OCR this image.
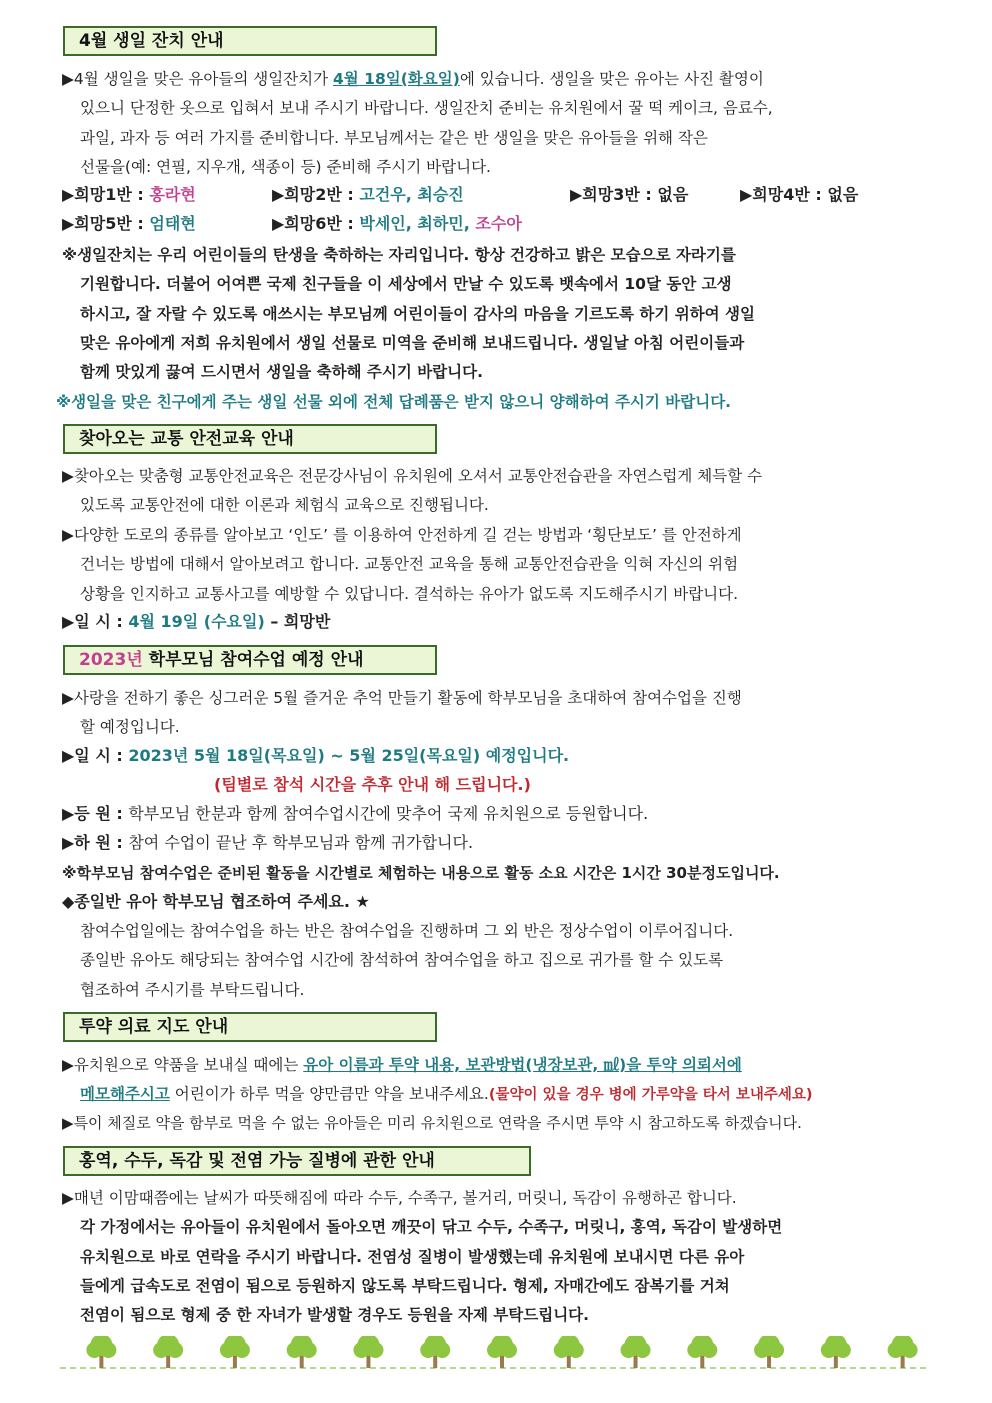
4월 생일 잔치 안내
▶4월 생일을 맞은 유아들의 생일잔치가 4월 18일(화요일)에 있습니다. 생일을 맞은 유아는 사진 촬영이
있으니 단정한 옷으로 입혀서 보내 주시기 바랍니다. 생일잔치 준비는 유치원에서 꿀 떡 케이크, 음료수,
과일, 과자 등 여러 가지를 준비합니다. 부모님께서는 같은 반 생일을 맞은 유아들을 위해 작은
선물을(예: 연필, 지우개, 색종이 등) 준비해 주시기 바랍니다.
▶희망1반 : 홍라현	▶희망2반 : 고건우, 최승진	▶희망3반 : 없음	▶희망4반 : 없음
▶희망5반 : 엄태현	▶희망6반 : 박세인, 최하민, 조수아
※생일잔치는 우리 어린이들의 탄생을 축하하는 자리입니다. 항상 건강하고 밝은 모습으로 자라기를
기원합니다. 더불어 어여쁜 국제 친구들을 이 세상에서 만날 수 있도록 뱃속에서 10달 동안 고생
하시고, 잘 자랄 수 있도록 애쓰시는 부모님께 어린이들이 감사의 마음을 기르도록 하기 위하여 생일
맞은 유아에게 저희 유치원에서 생일 선물로 미역을 준비해 보내드립니다. 생일날 아침 어린이들과
함께 맛있게 끓여 드시면서 생일을 축하해 주시기 바랍니다.
※생일을 맞은 친구에게 주는 생일 선물 외에 전체 답례품은 받지 않으니 양해하여 주시기 바랍니다.
찾아오는 교통 안전교육 안내
▶찾아오는 맞춤형 교통안전교육은 전문강사님이 유치원에 오셔서 교통안전습관을 자연스럽게 체득할 수
있도록 교통안전에 대한 이론과 체험식 교육으로 진행됩니다.
▶다양한 도로의 종류를 알아보고 ‘인도’ 를 이용하여 안전하게 길 걷는 방법과 ‘횡단보도’ 를 안전하게
건너는 방법에 대해서 알아보려고 합니다. 교통안전 교육을 통해 교통안전습관을 익혀 자신의 위험
상황을 인지하고 교통사고를 예방할 수 있답니다. 결석하는 유아가 없도록 지도해주시기 바랍니다.
▶일 시 : 4월 19일 (수요일) – 희망반
2023년 학부모님 참여수업 예정 안내
▶사랑을 전하기 좋은 싱그러운 5월 즐거운 추억 만들기 활동에 학부모님을 초대하여 참여수업을 진행
할 예정입니다.
▶일 시 : 2023년 5월 18일(목요일) ~ 5월 25일(목요일) 예정입니다.
(팀별로 참석 시간을 추후 안내 해 드립니다.)
▶등 원 : 학부모님 한분과 함께 참여수업시간에 맞추어 국제 유치원으로 등원합니다.
▶하 원 : 참여 수업이 끝난 후 학부모님과 함께 귀가합니다.
※학부모님 참여수업은 준비된 활동을 시간별로 체험하는 내용으로 활동 소요 시간은 1시간 30분정도입니다.
◆종일반 유아 학부모님 협조하여 주세요. ★
참여수업일에는 참여수업을 하는 반은 참여수업을 진행하며 그 외 반은 정상수업이 이루어집니다.
종일반 유아도 해당되는 참여수업 시간에 참석하여 참여수업을 하고 집으로 귀가를 할 수 있도록
협조하여 주시기를 부탁드립니다.
투약 의료 지도 안내
▶유치원으로 약품을 보내실 때에는 유아 이름과 투약 내용, 보관방법(냉장보관, ㎖)을 투약 의뢰서에
메모해주시고 어린이가 하루 먹을 양만큼만 약을 보내주세요.(물약이 있을 경우 병에 가루약을 타서 보내주세요)
▶특이 체질로 약을 함부로 먹을 수 없는 유아들은 미리 유치원으로 연락을 주시면 투약 시 참고하도록 하겠습니다.
홍역, 수두, 독감 및 전염 가능 질병에 관한 안내
▶매년 이맘때쯤에는 날씨가 따뜻해짐에 따라 수두, 수족구, 볼거리, 머릿니, 독감이 유행하곤 합니다.
각 가정에서는 유아들이 유치원에서 돌아오면 깨끗이 닦고 수두, 수족구, 머릿니, 홍역, 독감이 발생하면
유치원으로 바로 연락을 주시기 바랍니다. 전염성 질병이 발생했는데 유치원에 보내시면 다른 유아
들에게 급속도로 전염이 됨으로 등원하지 않도록 부탁드립니다. 형제, 자매간에도 잠복기를 거쳐
전염이 됨으로 형제 중 한 자녀가 발생할 경우도 등원을 자제 부탁드립니다.
